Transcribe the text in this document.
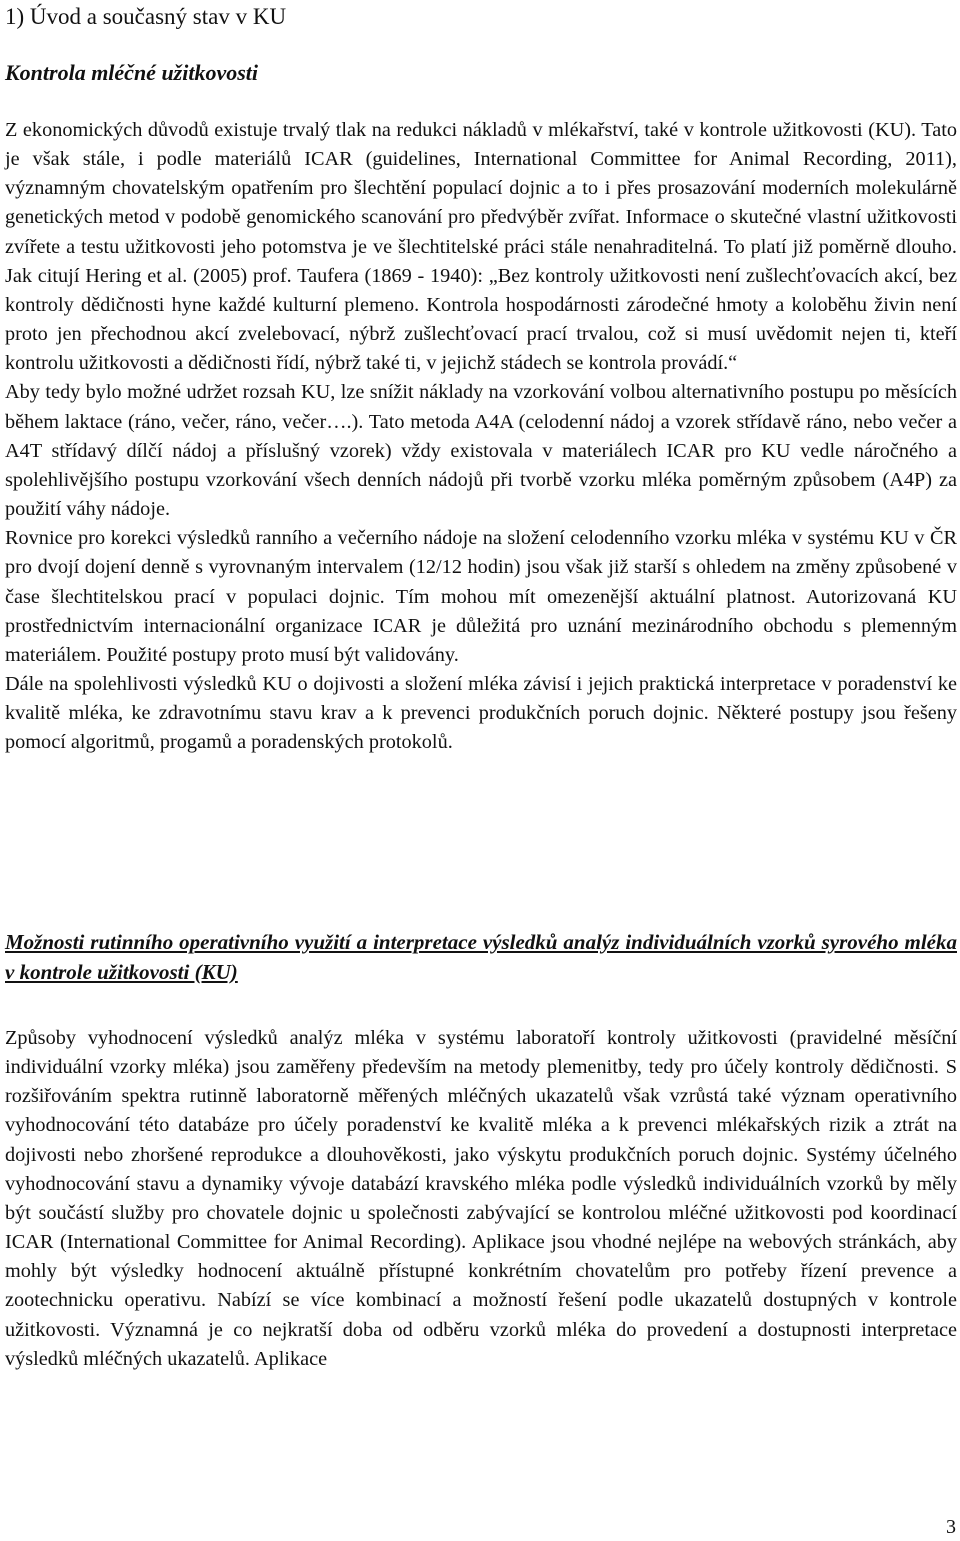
1) Úvod a současný stav v KU
Kontrola mléčné užitkovosti

Z ekonomických důvodů existuje trvalý tlak na redukci nákladů v mlékařství, také v kontrole užitkovosti (KU). Tato je však stále, i podle materiálů ICAR (guidelines, International Committee for Animal Recording, 2011), významným chovatelským opatřením pro šlechtění populací dojnic a to i přes prosazování moderních molekulárně genetických metod v podobě genomického scanování pro předvýběr zvířat. Informace o skutečné vlastní užitkovosti zvířete a testu užitkovosti jeho potomstva je ve šlechtitelské práci stále nenahraditelná. To platí již poměrně dlouho. Jak citují Hering et al. (2005) prof. Taufera (1869 - 1940): „Bez kontroly užitkovosti není zušlechťovacích akcí, bez kontroly dědičnosti hyne každé kulturní plemeno. Kontrola hospodárnosti zárodečné hmoty a koloběhu živin není proto jen přechodnou akcí zvelebovací, nýbrž zušlechťovací prací trvalou, což si musí uvědomit nejen ti, kteří kontrolu užitkovosti a dědičnosti řídí, nýbrž také ti, v jejichž stádech se kontrola provádí.“

Aby tedy bylo možné udržet rozsah KU, lze snížit náklady na vzorkování volbou alternativního postupu po měsících během laktace (ráno, večer, ráno, večer….). Tato metoda A4A (celodenní nádoj a vzorek střídavě ráno, nebo večer a A4T střídavý dílčí nádoj a příslušný vzorek) vždy existovala v materiálech ICAR pro KU vedle náročného a spolehlivějšího postupu vzorkování všech denních nádojů při tvorbě vzorku mléka poměrným způsobem (A4P) za použití váhy nádoje.

Rovnice pro korekci výsledků ranního a večerního nádoje na složení celodenního vzorku mléka v systému KU v ČR pro dvojí dojení denně s vyrovnaným intervalem (12/12 hodin) jsou však již starší s ohledem na změny způsobené v čase šlechtitelskou prací v populaci dojnic. Tím mohou mít omezenější aktuální platnost. Autorizovaná KU prostřednictvím internacionální organizace ICAR je důležitá pro uznání mezinárodního obchodu s plemenným materiálem. Použité postupy proto musí být validovány.

Dále na spolehlivosti výsledků KU o dojivosti a složení mléka závisí i jejich praktická interpretace v poradenství ke kvalitě mléka, ke zdravotnímu stavu krav a k prevenci produkčních poruch dojnic. Některé postupy jsou řešeny pomocí algoritmů, progamů a poradenských protokolů.

Možnosti rutinního operativního využití a interpretace výsledků analýz individuálních vzorků syrového mléka v kontrole užitkovosti (KU)

Způsoby vyhodnocení výsledků analýz mléka v systému laboratoří kontroly užitkovosti (pravidelné měsíční individuální vzorky mléka) jsou zaměřeny především na metody plemenitby, tedy pro účely kontroly dědičnosti. S rozšiřováním spektra rutinně laboratorně měřených mléčných ukazatelů však vzrůstá také význam operativního vyhodnocování této databáze pro účely poradenství ke kvalitě mléka a k prevenci mlékařských rizik a ztrát na dojivosti nebo zhoršené reprodukce a dlouhověkosti, jako výskytu produkčních poruch dojnic. Systémy účelného vyhodnocování stavu a dynamiky vývoje databází kravského mléka podle výsledků individuálních vzorků by měly být součástí služby pro chovatele dojnic u společnosti zabývající se kontrolou mléčné užitkovosti pod koordinací ICAR (International Committee for Animal Recording). Aplikace jsou vhodné nejlépe na webových stránkách, aby mohly být výsledky hodnocení aktuálně přístupné konkrétním chovatelům pro potřeby řízení prevence a zootechnicku operativu. Nabízí se více kombinací a možností řešení podle ukazatelů dostupných v kontrole užitkovosti. Významná je co nejkratší doba od odběru vzorků mléka do provedení a dostupnosti interpretace výsledků mléčných ukazatelů. Aplikace

3
